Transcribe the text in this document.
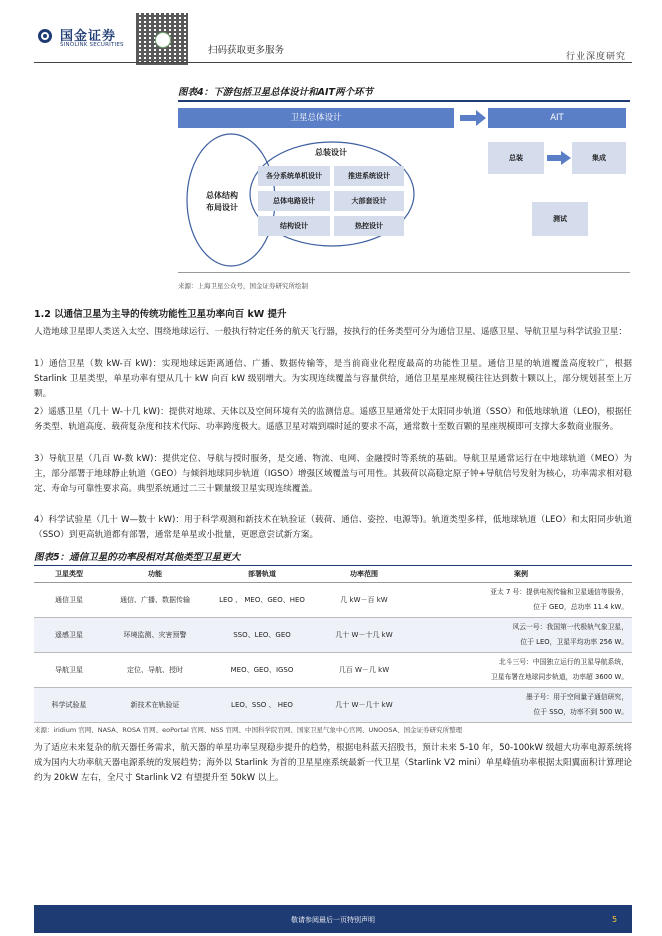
国金证券
SINOLINK SECURITIES	扫码获取更多服务
行业深度研究
图表4：下游包括卫星总体设计和AIT两个环节
卫星总体设计	AIT
总体结构
布局设计
总装设计
各分系统单机设计	推进系统设计
总体电路设计	大部套设计
结构设计	热控设计
总装	集成
测试
来源：上海卫星公众号，国金证券研究所绘制
1.2 以通信卫星为主导的传统功能性卫星功率向百 kW 提升
人造地球卫星即人类送入太空、围绕地球运行、一般执行特定任务的航天飞行器，按执行的任务类型可分为通信卫星、遥感卫星、导航卫星与科学试验卫星：
1）通信卫星（数 kW-百 kW)：实现地球远距离通信、广播、数据传输等，是当前商业化程度最高的功能性卫星。通信卫星的轨道覆盖高度较广，根据 Starlink 卫星类型，单星功率有望从几十 kW 向百 kW 级别增大。为实现连续覆盖与容量供给，通信卫星星座规模往往达到数十颗以上，部分规划甚至上万颗。
2）遥感卫星（几十 W-十几 kW)：提供对地球、天体以及空间环境有关的监测信息。遥感卫星通常处于太阳同步轨道（SSO）和低地球轨道（LEO)，根据任务类型、轨道高度、载荷复杂度和技术代际、功率跨度极大。遥感卫星对端到端时延的要求不高，通常数十至数百颗的星座规模即可支撑大多数商业服务。
3）导航卫星（几百 W-数 kW)：提供定位、导航与授时服务，是交通、物流、电网、金融授时等系统的基础。导航卫星通常运行在中地球轨道（MEO）为主，部分部署于地球静止轨道（GEO）与倾斜地球同步轨道（IGSO）增强区域覆盖与可用性。其载荷以高稳定原子钟+导航信号发射为核心，功率需求相对稳定、寿命与可靠性要求高。典型系统通过二三十颗量级卫星实现连续覆盖。
4）科学试验星（几十 W—数十 kW)：用于科学观测和新技术在轨验证（载荷、通信、姿控、电源等)。轨道类型多样，低地球轨道（LEO）和太阳同步轨道（SSO）到更高轨道都有部署，通常是单星或小批量，更愿意尝试新方案。
图表5：通信卫星的功率段相对其他类型卫星更大
卫星类型	功能	部署轨道	功率范围	案例
通信卫星	通信、广播、数据传输	LEO 、 MEO、GEO、HEO	几 kW－百 kW	亚太 7 号：提供电视传输和卫星通信等服务，
位于 GEO，总功率 11.4 kW。
遥感卫星	环境监测、灾害预警	SSO、LEO、GEO	几十 W－十几 kW	风云一号：我国第一代极轨气象卫星，
位于 LEO，卫星平均功率 256 W。
导航卫星	定位、导航、授时	MEO、GEO、IGSO	几百 W－几 kW	北斗三号：中国独立运行的卫星导航系统，
卫星布署在地球同步轨道，功率超 3600 W。
科学试验星	新技术在轨验证	LEO、SSO 、 HEO	几十 W－几十 kW	墨子号：用于空间量子通信研究，
位于 SSO，功率不到 500 W。
来源：iridium 官网、NASA、ROSA 官网、eoPortal 官网、NSS 官网、中国科学院官网、国家卫星气象中心官网、UNOOSA、国金证券研究所整理
为了适应未来复杂的航天器任务需求，航天器的单星功率呈现稳步提升的趋势，根据电科蓝天招股书，预计未来 5-10 年，50-100kW 级超大功率电源系统将成为国内大功率航天器电源系统的发展趋势；海外以 Starlink 为首的卫星星座系统最新一代卫星（Starlink V2 mini）单星峰值功率根据太阳翼面积计算理论约为 20kW 左右，全尺寸 Starlink V2 有望提升至 50kW 以上。
敬请参阅最后一页特别声明	5
